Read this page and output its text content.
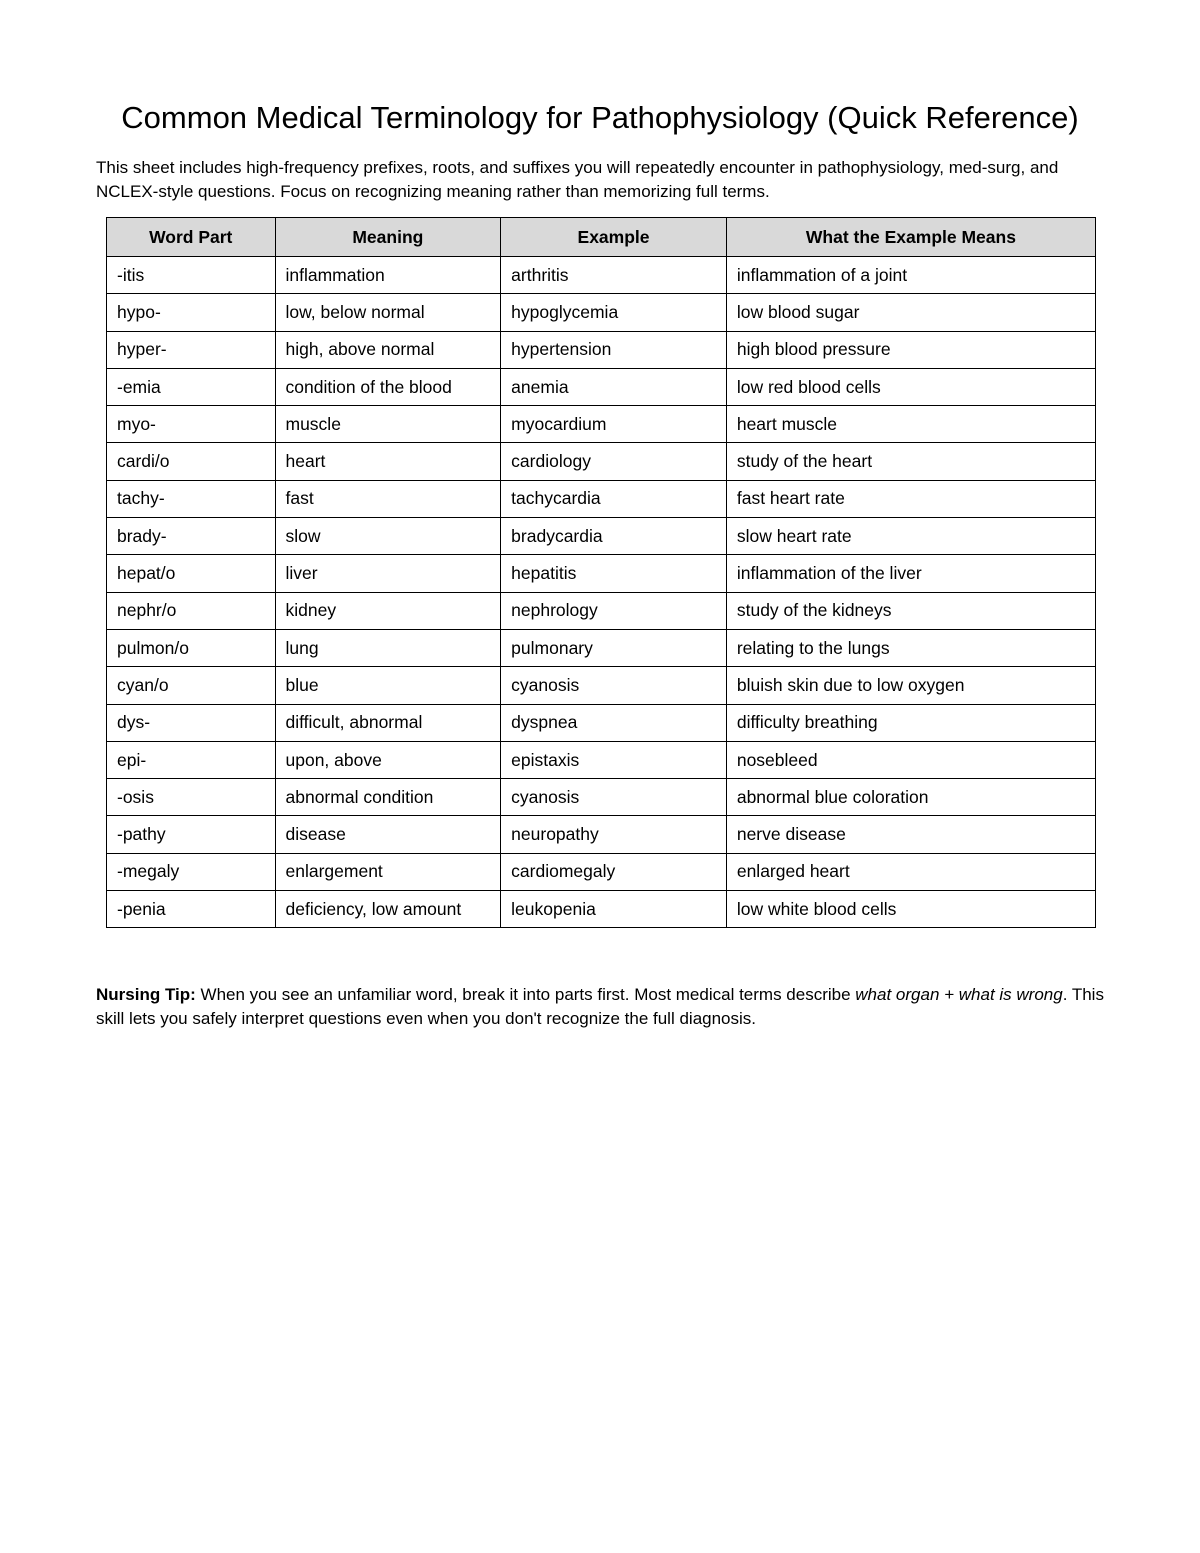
Common Medical Terminology for Pathophysiology (Quick Reference)

This sheet includes high-frequency prefixes, roots, and suffixes you will repeatedly encounter in pathophysiology, med-surg, and NCLEX-style questions. Focus on recognizing meaning rather than memorizing full terms.

Word Part	Meaning	Example	What the Example Means
-itis	inflammation	arthritis	inflammation of a joint
hypo-	low, below normal	hypoglycemia	low blood sugar
hyper-	high, above normal	hypertension	high blood pressure
-emia	condition of the blood	anemia	low red blood cells
myo-	muscle	myocardium	heart muscle
cardi/o	heart	cardiology	study of the heart
tachy-	fast	tachycardia	fast heart rate
brady-	slow	bradycardia	slow heart rate
hepat/o	liver	hepatitis	inflammation of the liver
nephr/o	kidney	nephrology	study of the kidneys
pulmon/o	lung	pulmonary	relating to the lungs
cyan/o	blue	cyanosis	bluish skin due to low oxygen
dys-	difficult, abnormal	dyspnea	difficulty breathing
epi-	upon, above	epistaxis	nosebleed
-osis	abnormal condition	cyanosis	abnormal blue coloration
-pathy	disease	neuropathy	nerve disease
-megaly	enlargement	cardiomegaly	enlarged heart
-penia	deficiency, low amount	leukopenia	low white blood cells

Nursing Tip: When you see an unfamiliar word, break it into parts first. Most medical terms describe what organ + what is wrong. This skill lets you safely interpret questions even when you don't recognize the full diagnosis.
